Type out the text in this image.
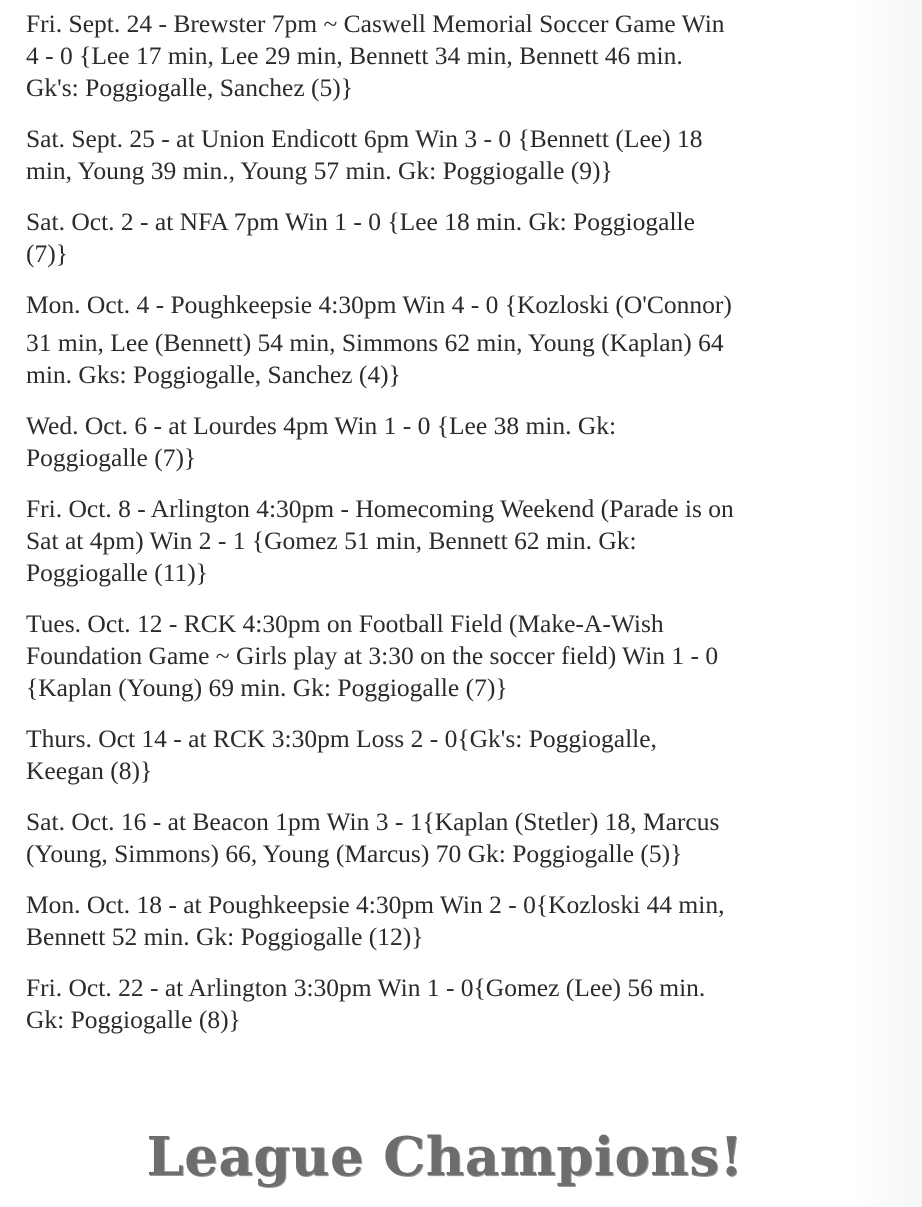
Fri. Sept. 24 - Brewster 7pm ~ Caswell Memorial Soccer Game Win
4 - 0 {Lee 17 min, Lee 29 min, Bennett 34 min, Bennett 46 min.
Gk's: Poggiogalle, Sanchez (5)}
Sat. Sept. 25 - at Union Endicott 6pm Win 3 - 0 {Bennett (Lee) 18
min, Young 39 min., Young 57 min. Gk: Poggiogalle (9)}
Sat. Oct. 2 - at NFA 7pm Win 1 - 0 {Lee 18 min. Gk: Poggiogalle
(7)}
Mon. Oct. 4 - Poughkeepsie 4:30pm Win 4 - 0 {Kozloski (O'Connor)
31 min, Lee (Bennett) 54 min, Simmons 62 min, Young (Kaplan) 64
min. Gks: Poggiogalle, Sanchez (4)}
Wed. Oct. 6 - at Lourdes 4pm Win 1 - 0 {Lee 38 min. Gk:
Poggiogalle (7)}
Fri. Oct. 8 - Arlington 4:30pm - Homecoming Weekend (Parade is on
Sat at 4pm) Win 2 - 1 {Gomez 51 min, Bennett 62 min. Gk:
Poggiogalle (11)}
Tues. Oct. 12 - RCK 4:30pm on Football Field (Make-A-Wish
Foundation Game ~ Girls play at 3:30 on the soccer field) Win 1 - 0
{Kaplan (Young) 69 min. Gk: Poggiogalle (7)}
Thurs. Oct 14 - at RCK 3:30pm Loss 2 - 0{Gk's: Poggiogalle,
Keegan (8)}
Sat. Oct. 16 - at Beacon 1pm Win 3 - 1{Kaplan (Stetler) 18, Marcus
(Young, Simmons) 66, Young (Marcus) 70 Gk: Poggiogalle (5)}
Mon. Oct. 18 - at Poughkeepsie 4:30pm Win 2 - 0{Kozloski 44 min,
Bennett 52 min. Gk: Poggiogalle (12)}
Fri. Oct. 22 - at Arlington 3:30pm Win 1 - 0{Gomez (Lee) 56 min.
Gk: Poggiogalle (8)}
League Champions!
